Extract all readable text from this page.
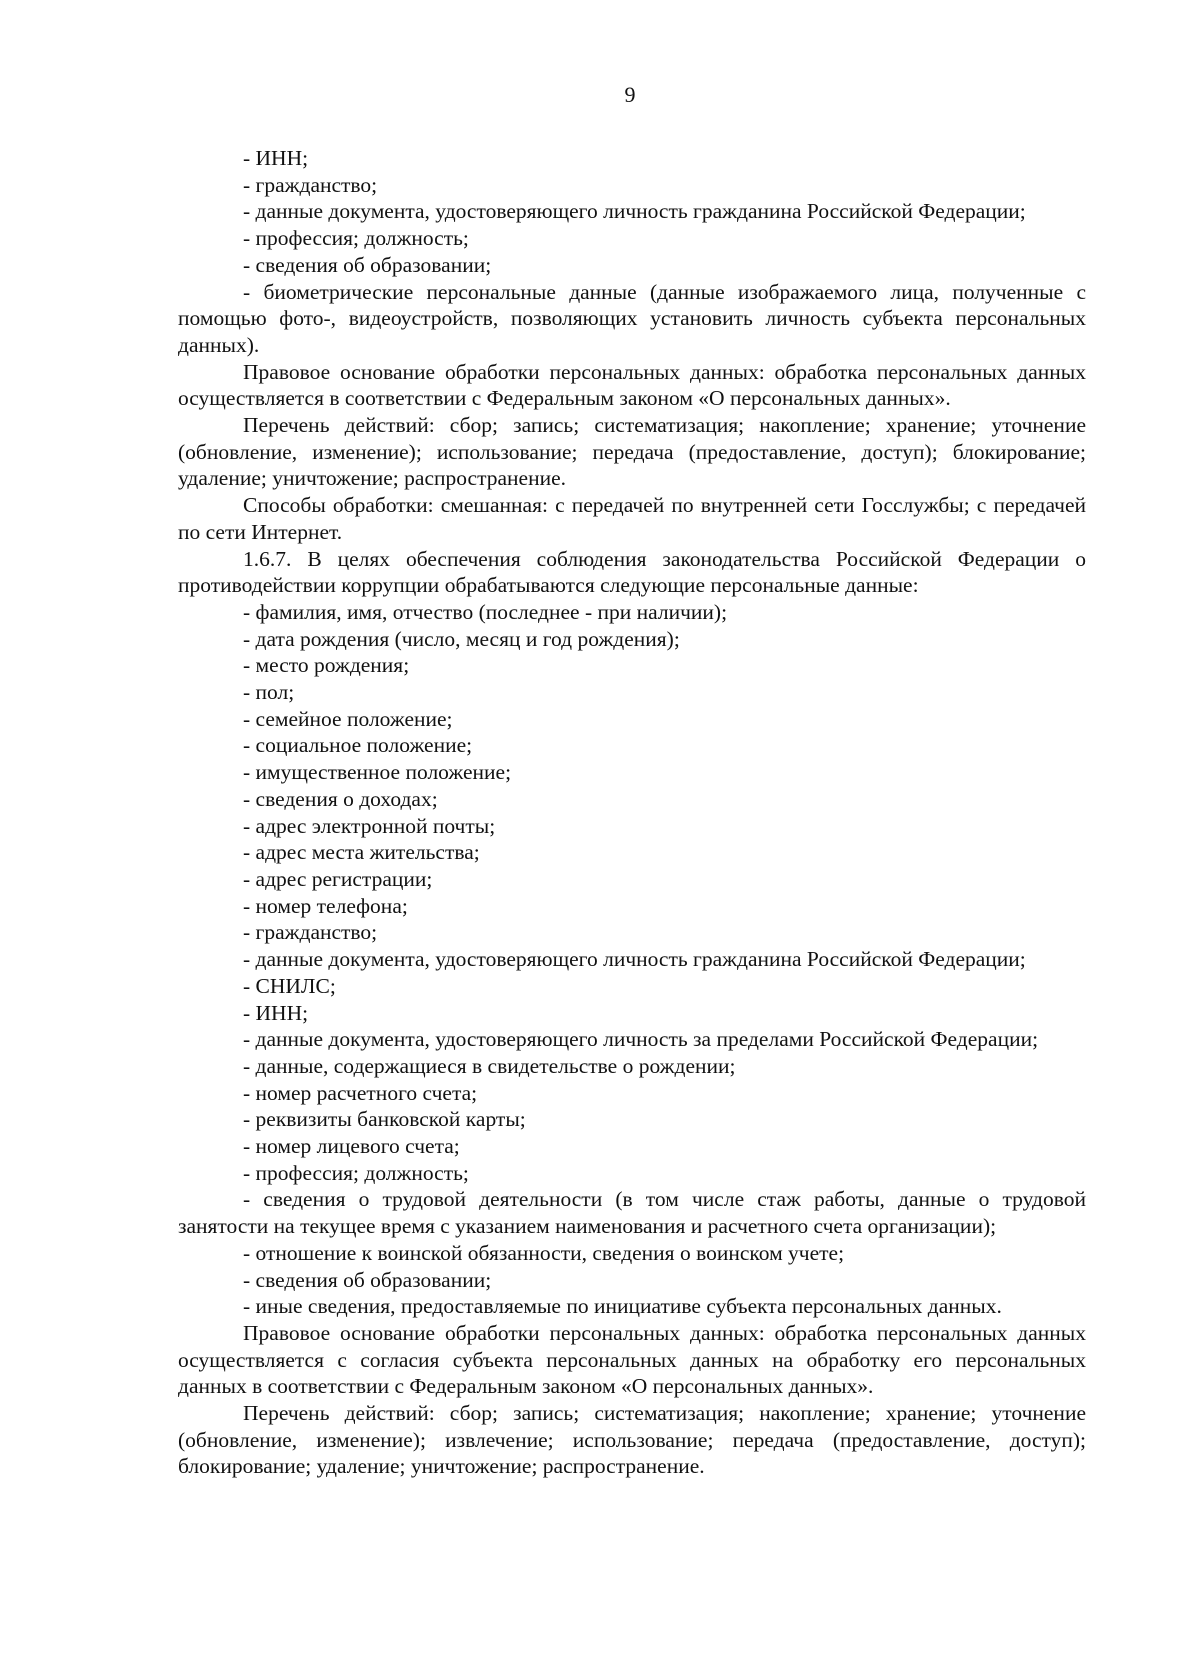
9

- ИНН;

- гражданство;

- данные документа, удостоверяющего личность гражданина Российской Федерации;

- профессия; должность;

- сведения об образовании;

- биометрические персональные данные (данные изображаемого лица, полученные с помощью фото-, видеоустройств, позволяющих установить личность субъекта персональных данных).

Правовое основание обработки персональных данных: обработка персональных данных осуществляется в соответствии с Федеральным законом «О персональных данных».

Перечень действий: сбор; запись; систематизация; накопление; хранение; уточнение (обновление, изменение); использование; передача (предоставление, доступ); блокирование; удаление; уничтожение; распространение.

Способы обработки: смешанная: с передачей по внутренней сети Госслужбы; с передачей по сети Интернет.

1.6.7. В целях обеспечения соблюдения законодательства Российской Федерации о противодействии коррупции обрабатываются следующие персональные данные:

- фамилия, имя, отчество (последнее - при наличии);

- дата рождения (число, месяц и год рождения);

- место рождения;

- пол;

- семейное положение;

- социальное положение;

- имущественное положение;

- сведения о доходах;

- адрес электронной почты;

- адрес места жительства;

- адрес регистрации;

- номер телефона;

- гражданство;

- данные документа, удостоверяющего личность гражданина Российской Федерации;

- СНИЛС;

- ИНН;

- данные документа, удостоверяющего личность за пределами Российской Федерации;

- данные, содержащиеся в свидетельстве о рождении;

- номер расчетного счета;

- реквизиты банковской карты;

- номер лицевого счета;

- профессия; должность;

- сведения о трудовой деятельности (в том числе стаж работы, данные о трудовой занятости на текущее время с указанием наименования и расчетного счета организации);

- отношение к воинской обязанности, сведения о воинском учете;

- сведения об образовании;

- иные сведения, предоставляемые по инициативе субъекта персональных данных.

Правовое основание обработки персональных данных: обработка персональных данных осуществляется с согласия субъекта персональных данных на обработку его персональных данных в соответствии с Федеральным законом «О персональных данных».

Перечень действий: сбор; запись; систематизация; накопление; хранение; уточнение (обновление, изменение); извлечение; использование; передача (предоставление, доступ); блокирование; удаление; уничтожение; распространение.
